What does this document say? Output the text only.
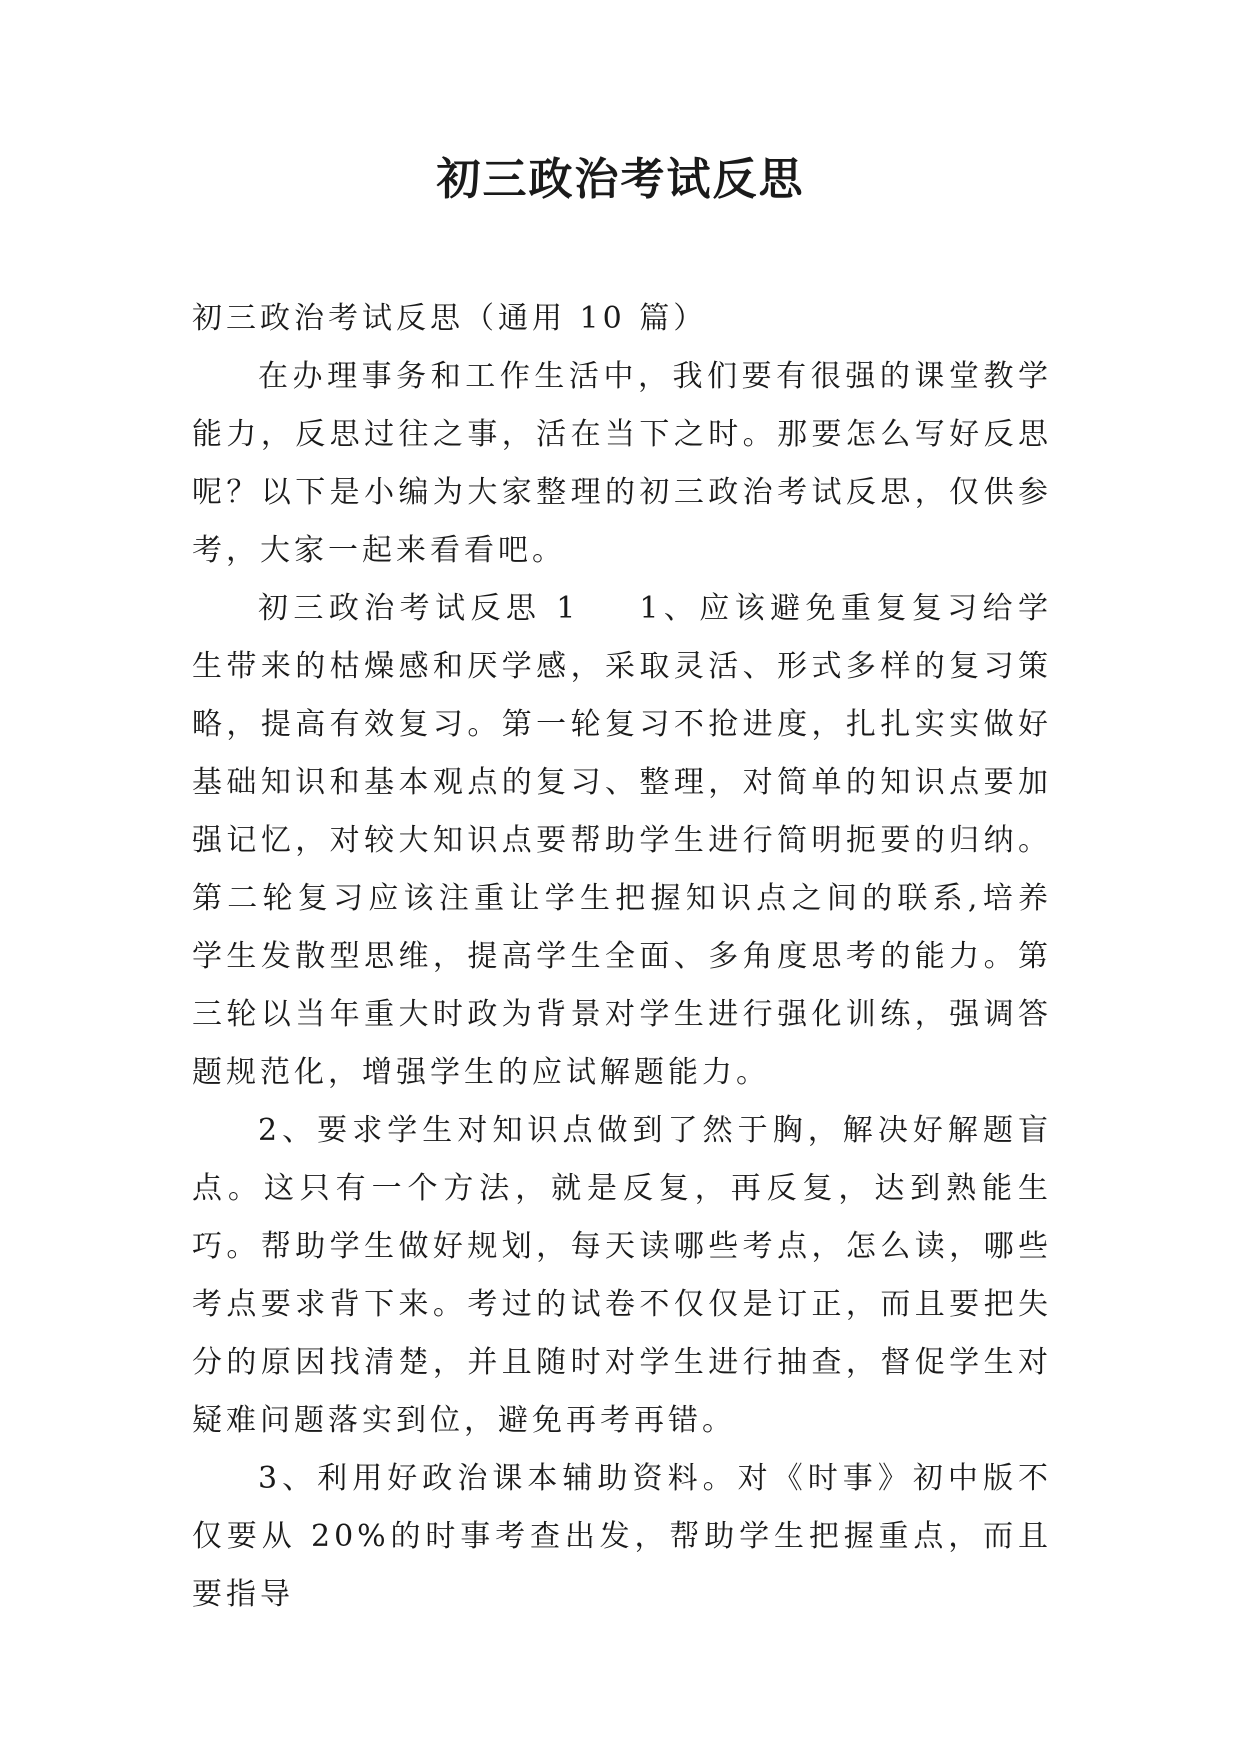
初三政治考试反思

初三政治考试反思（通用 10 篇）

在办理事务和工作生活中，我们要有很强的课堂教学能力，反思过往之事，活在当下之时。那要怎么写好反思呢？以下是小编为大家整理的初三政治考试反思，仅供参考，大家一起来看看吧。

初三政治考试反思 1 1、应该避免重复复习给学生带来的枯燥感和厌学感，采取灵活、形式多样的复习策略，提高有效复习。第一轮复习不抢进度，扎扎实实做好基础知识和基本观点的复习、整理，对简单的知识点要加强记忆，对较大知识点要帮助学生进行简明扼要的归纳。第二轮复习应该注重让学生把握知识点之间的联系,培养学生发散型思维，提高学生全面、多角度思考的能力。第三轮以当年重大时政为背景对学生进行强化训练，强调答题规范化，增强学生的应试解题能力。

2、要求学生对知识点做到了然于胸，解决好解题盲点。这只有一个方法，就是反复，再反复，达到熟能生巧。帮助学生做好规划，每天读哪些考点，怎么读，哪些考点要求背下来。考过的试卷不仅仅是订正，而且要把失分的原因找清楚，并且随时对学生进行抽查，督促学生对疑难问题落实到位，避免再考再错。

3、利用好政治课本辅助资料。对《时事》初中版不仅要从 20%的时事考查出发，帮助学生把握重点，而且要指导
